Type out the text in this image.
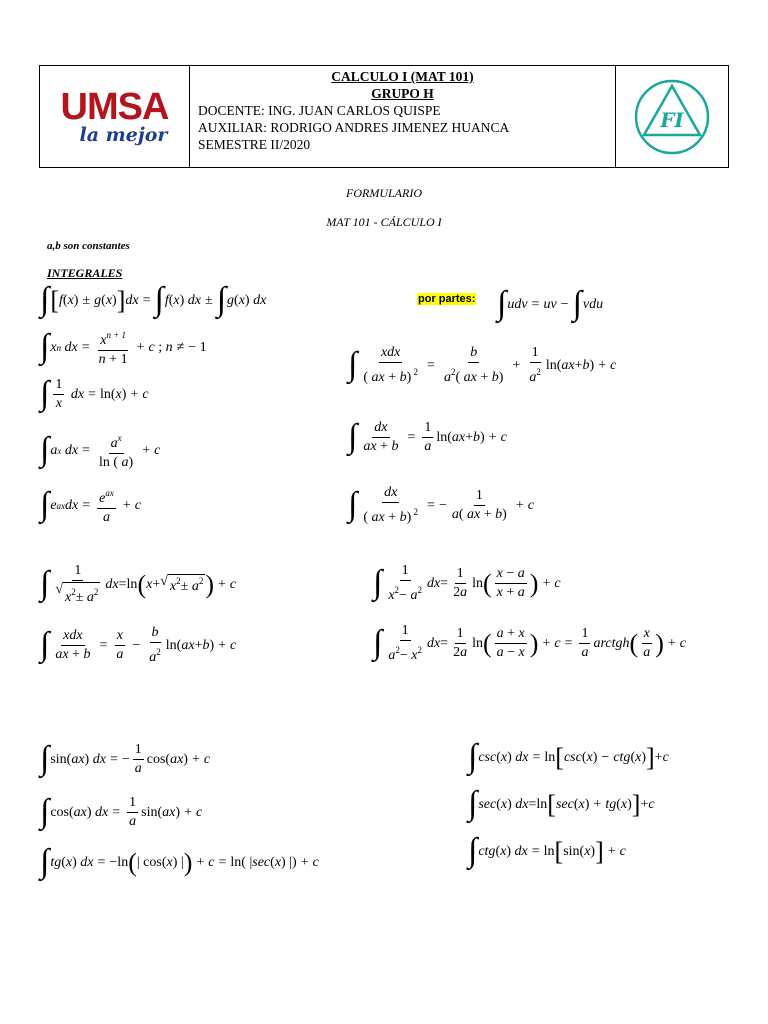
UMSA
la mejor
CALCULO I (MAT 101)
GRUPO H
DOCENTE: ING. JUAN CARLOS QUISPE
AUXILIAR: RODRIGO ANDRES JIMENEZ HUANCA
SEMESTRE II/2020
FI
FORMULARIO
MAT 101 - CÁLCULO I
a,b son constantes
INTEGRALES
por partes:
∫ [ f ( x ) ± g ( x ) ] dx = ∫ f ( x ) dx ± ∫ g ( x ) dx
∫ x n dx = $\frac{x^{n + 1}}{n + 1} + c$ ; n ≠ − 1
∫ $\frac{1}{x}$ dx = ln( x ) + c
∫ a x dx = $\frac{a^x}{\ln ( a)} + c$
∫ e ax dx = $\frac{e^{ax}}{a} + c$
∫ udv = uv − ∫ vdu
∫ $\frac{\text{xdx}}{( ax + b) ^2} = \frac{b}{a^2( ax + b)} + \frac{1}{a^2} \ln$( ax + b ) + c
∫ $\frac{dx}{ax + b} = \frac{1}{a} \ln$( ax + b ) + c
∫ $\frac{dx}{( ax + b) ^2}$ = − $\frac{1}{a( ax + b)} + c$
∫ 1
√
$x^2\pm a^2$ dx =ln ( x + √ $x^2\pm a^2$ ) + c
∫ $\frac{\text{xdx}}{ax + b} = \frac{x}{a} - \frac{b}{a^2} \ln$( ax + b ) + c
∫ $\frac{1}{x^2- a^2}$ dx = $\frac{1}{2a}$ ln ( $\frac{x - a}{x + a}$ ) + c
∫ $\frac{1}{a^2- x^2}$ dx = $\frac{1}{2a}$ ln ( $\frac{a + x}{a - x}$ ) + $c = \frac{1}{a}$ arctgh ( $\frac{x}{a}$ ) + c
∫ sin( ax ) dx = − $\frac{1}{a} \cos$( ax ) + c
∫ cos( ax ) dx = $\frac{1}{a} \sin$( ax ) + c
∫ tg ( x ) dx = −ln ( | cos( x ) | ) + c = ln( | sec ( x ) |) + c
∫ csc ( x ) dx = ln [ csc ( x ) − ctg ( x ) ] + c
∫ sec ( x ) dx =ln [ sec ( x ) + tg ( x ) ] + c
∫ ctg ( x ) dx = ln [ sin( x ) ] + c
